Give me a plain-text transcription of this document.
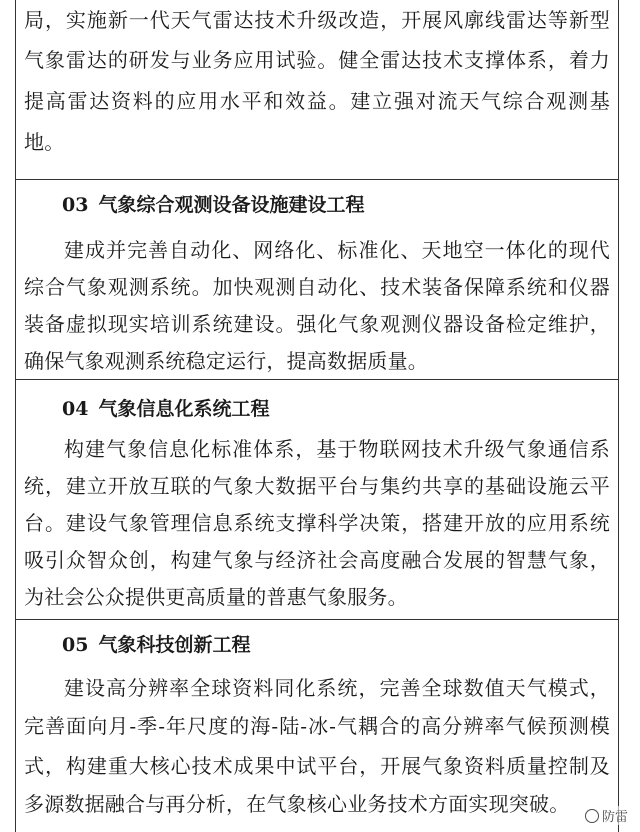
局，实施新一代天气雷达技术升级改造，开展风廓线雷达等新型
气象雷达的研发与业务应用试验。健全雷达技术支撑体系，着力
提高雷达资料的应用水平和效益。建立强对流天气综合观测基
地。
03 气象综合观测设备设施建设工程
建成并完善自动化、网络化、标准化、天地空一体化的现代
综合气象观测系统。加快观测自动化、技术装备保障系统和仪器
装备虚拟现实培训系统建设。强化气象观测仪器设备检定维护，
确保气象观测系统稳定运行，提高数据质量。
04 气象信息化系统工程
构建气象信息化标准体系，基于物联网技术升级气象通信系
统，建立开放互联的气象大数据平台与集约共享的基础设施云平
台。建设气象管理信息系统支撑科学决策，搭建开放的应用系统
吸引众智众创，构建气象与经济社会高度融合发展的智慧气象，
为社会公众提供更高质量的普惠气象服务。
05 气象科技创新工程
建设高分辨率全球资料同化系统，完善全球数值天气模式，
完善面向月-季-年尺度的海-陆-冰-气耦合的高分辨率气候预测模
式，构建重大核心技术成果中试平台，开展气象资料质量控制及
多源数据融合与再分析，在气象核心业务技术方面实现突破。
防雷
